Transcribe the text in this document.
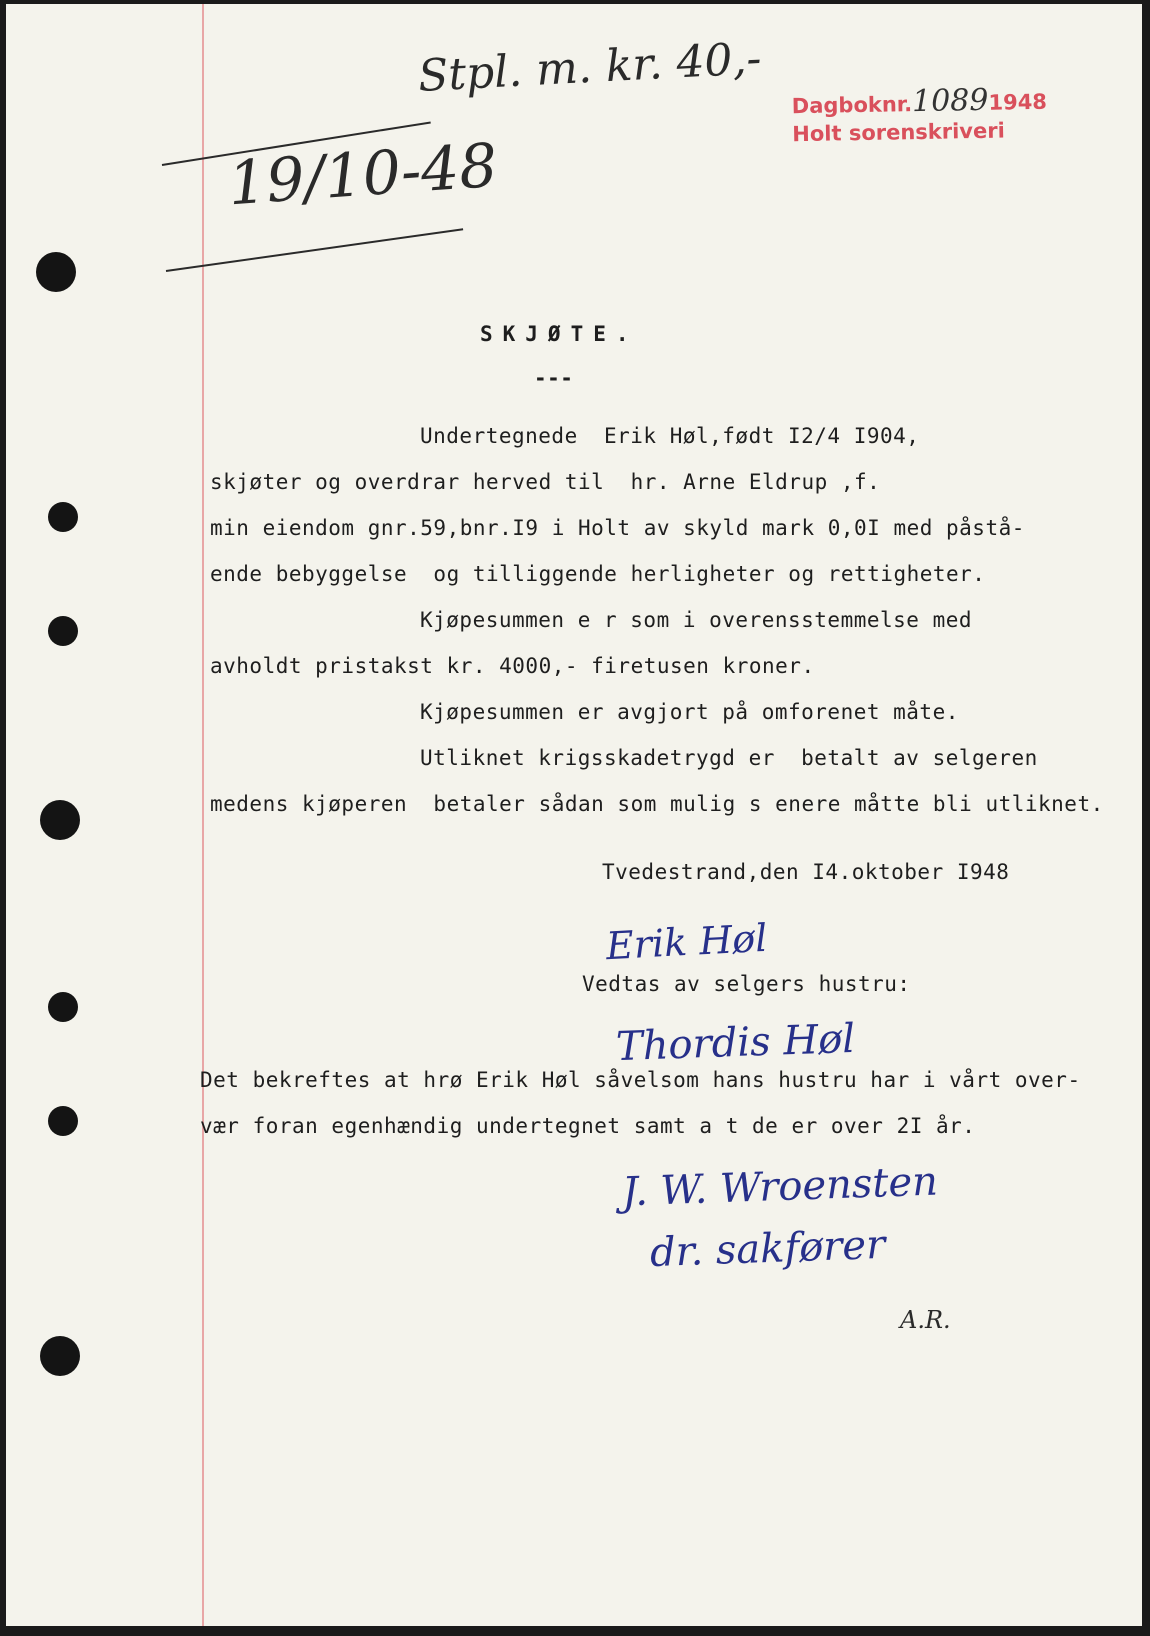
Stpl. m. kr. 40,-
19/10-48
Dagboknr.10891948
Holt sorenskriveri
SKJØTE.
---
Undertegnede  Erik Høl,født I2/4 I904,
skjøter og overdrar herved til  hr. Arne Eldrup ,f.
min eiendom gnr.59,bnr.I9 i Holt av skyld mark 0,0I med påstå-
ende bebyggelse  og tilliggende herligheter og rettigheter.
Kjøpesummen e r som i overensstemmelse med
avholdt pristakst kr. 4000,- firetusen kroner.
Kjøpesummen er avgjort på omforenet måte.
Utliknet krigsskadetrygd er  betalt av selgeren
medens kjøperen  betaler sådan som mulig s enere måtte bli utliknet.
Tvedestrand,den I4.oktober I948
Erik Høl
Vedtas av selgers hustru:
Thordis Høl
Det bekreftes at hrø Erik Høl såvelsom hans hustru har i vårt over-
vær foran egenhændig undertegnet samt a t de er over 2I år.
J. W. Wroensten
dr. sakfører
A.R.
